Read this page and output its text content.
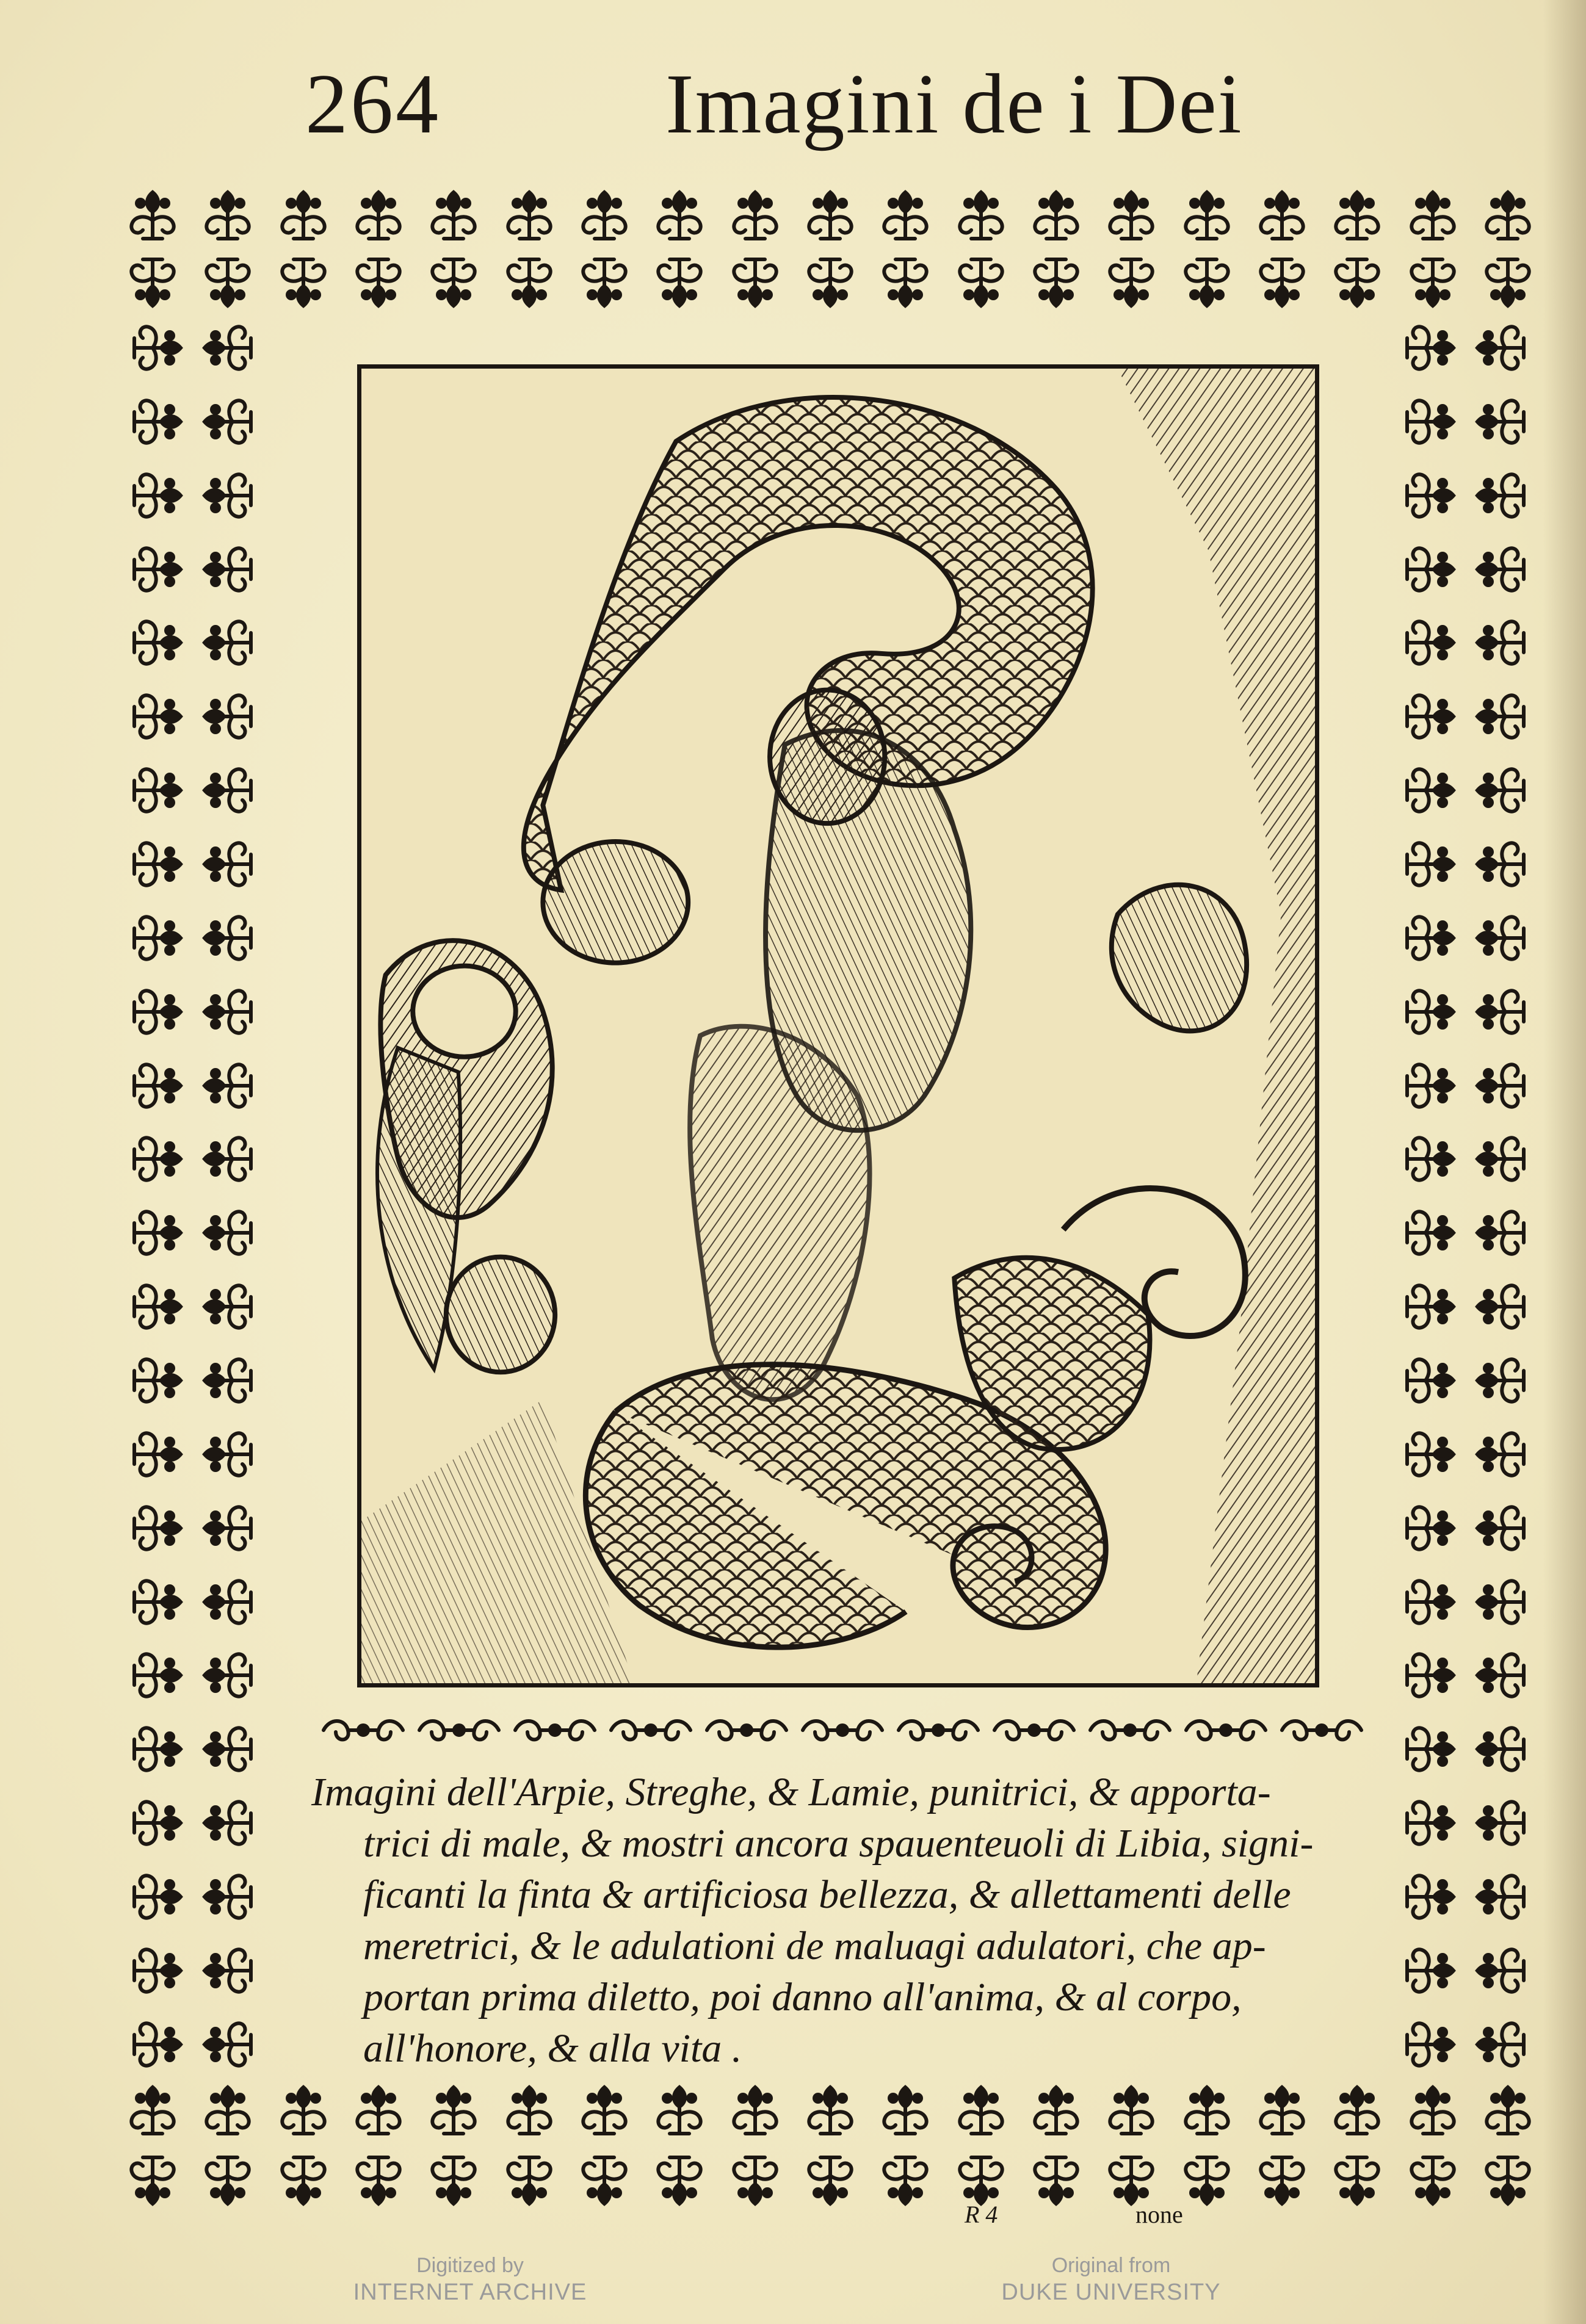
264	Imagini de i Dei
Imagini dell'Arpie, Streghe, & Lamie, punitrici, & apporta-
trici di male, & mostri ancora spauenteuoli di Libia, signi-
ficanti la finta & artificiosa bellezza, & allettamenti delle
meretrici, & le adulationi de maluagi adulatori, che ap-
portan prima diletto, poi danno all'anima, & al corpo,
all'honore, & alla vita .
R 4	none
Digitized by
INTERNET ARCHIVE
Original from
DUKE UNIVERSITY
